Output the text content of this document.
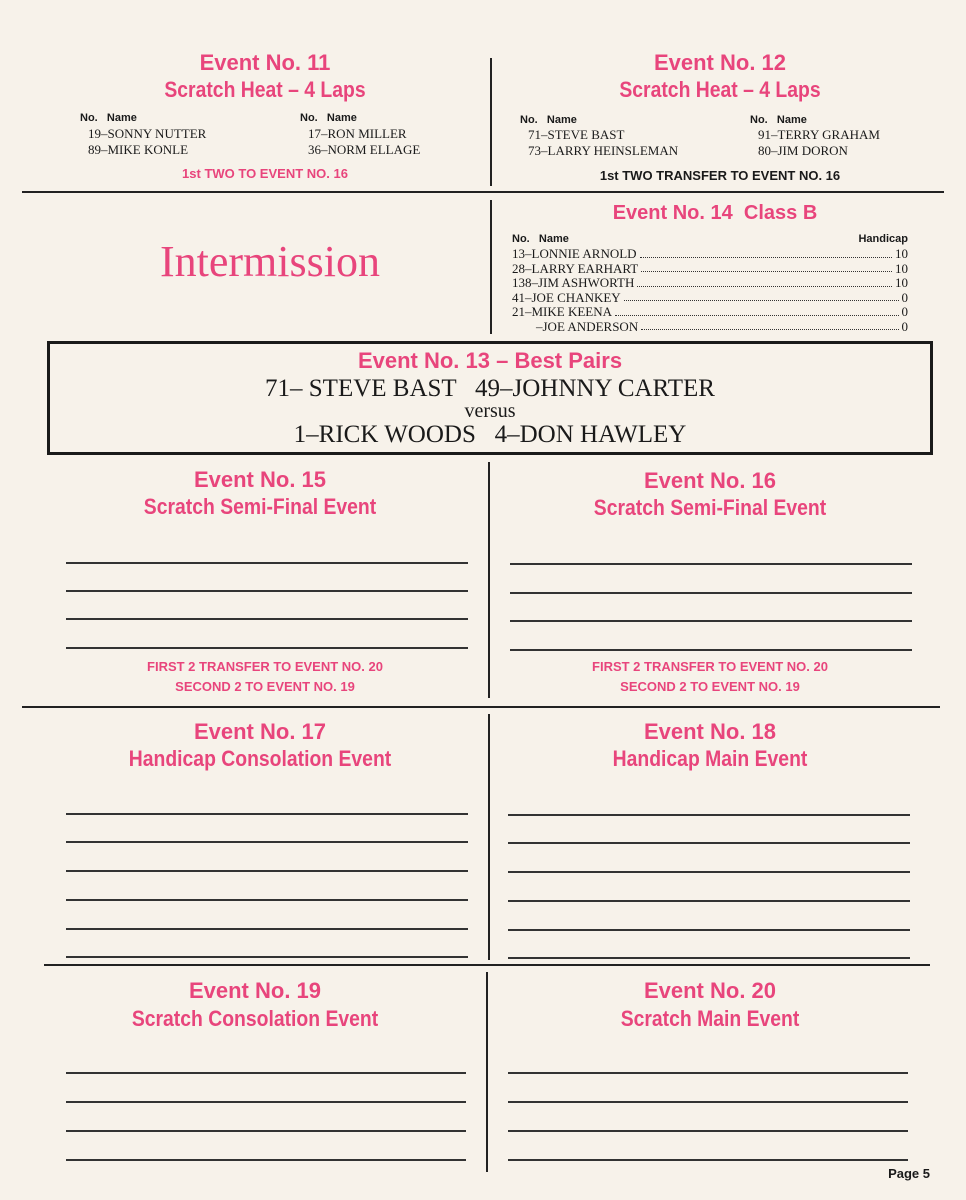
Event No. 11
Scratch Heat – 4 Laps
No. Name
19–SONNY NUTTER
89–MIKE KONLE
No. Name
17–RON MILLER
36–NORM ELLAGE
1st TWO TO EVENT NO. 16
Event No. 12
Scratch Heat – 4 Laps
No. Name
71–STEVE BAST
73–LARRY HEINSLEMAN
No. Name
91–TERRY GRAHAM
80–JIM DORON
1st TWO TRANSFER TO EVENT NO. 16
Intermission
Event No. 14 Class B
No.
Name	Handicap
13–LONNIE ARNOLD	10
28–LARRY EARHART	10
138–JIM ASHWORTH	10
41–JOE CHANKEY	0
21–MIKE KEENA	0
–JOE ANDERSON	0
Event No. 13 – Best Pairs
71– STEVE BAST   49–JOHNNY CARTER
versus
1–RICK WOODS   4–DON HAWLEY
Event No. 15
Scratch Semi-Final Event
FIRST 2 TRANSFER TO EVENT NO. 20
SECOND 2 TO EVENT NO. 19
Event No. 16
Scratch Semi-Final Event
FIRST 2 TRANSFER TO EVENT NO. 20
SECOND 2 TO EVENT NO. 19
Event No. 17
Handicap Consolation Event
Event No. 18
Handicap Main Event
Event No. 19
Scratch Consolation Event
Event No. 20
Scratch Main Event
Page 5
